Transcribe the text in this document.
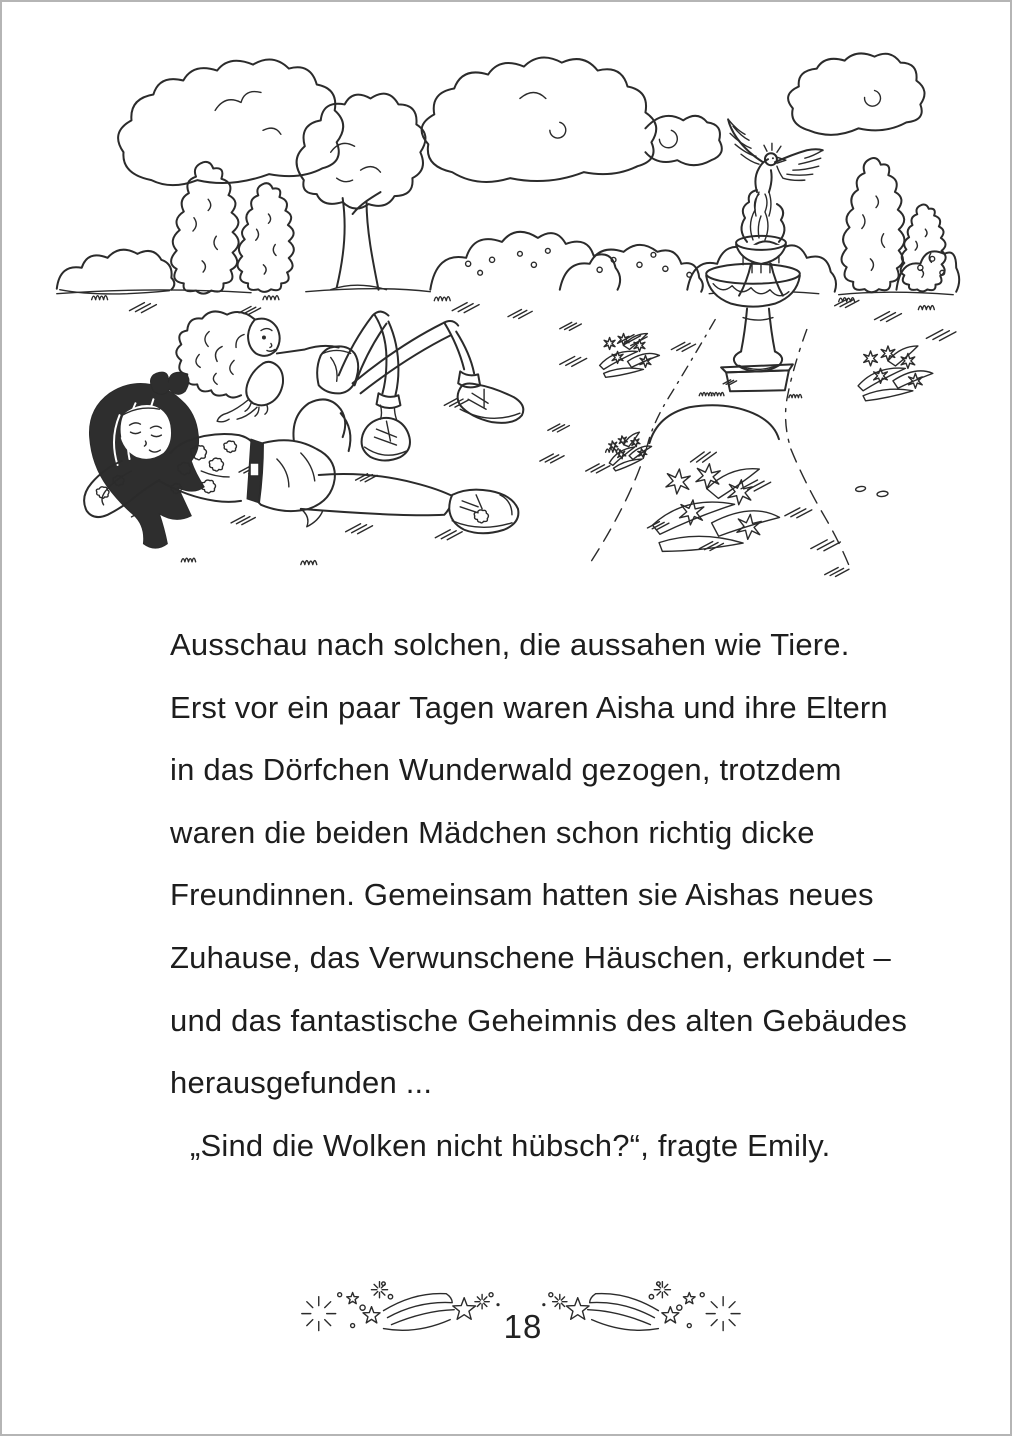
Ausschau nach solchen, die aussahen wie Tiere.

Erst vor ein paar Tagen waren Aisha und ihre Eltern

in das Dörfchen Wunderwald gezogen, trotzdem

waren die beiden Mädchen schon richtig dicke

Freundinnen. Gemeinsam hatten sie Aishas neues

Zuhause, das Verwunschene Häuschen, erkundet –

und das fantastische Geheimnis des alten Gebäudes

herausgefunden ...

„Sind die Wolken nicht hübsch?“, fragte Emily.

18
